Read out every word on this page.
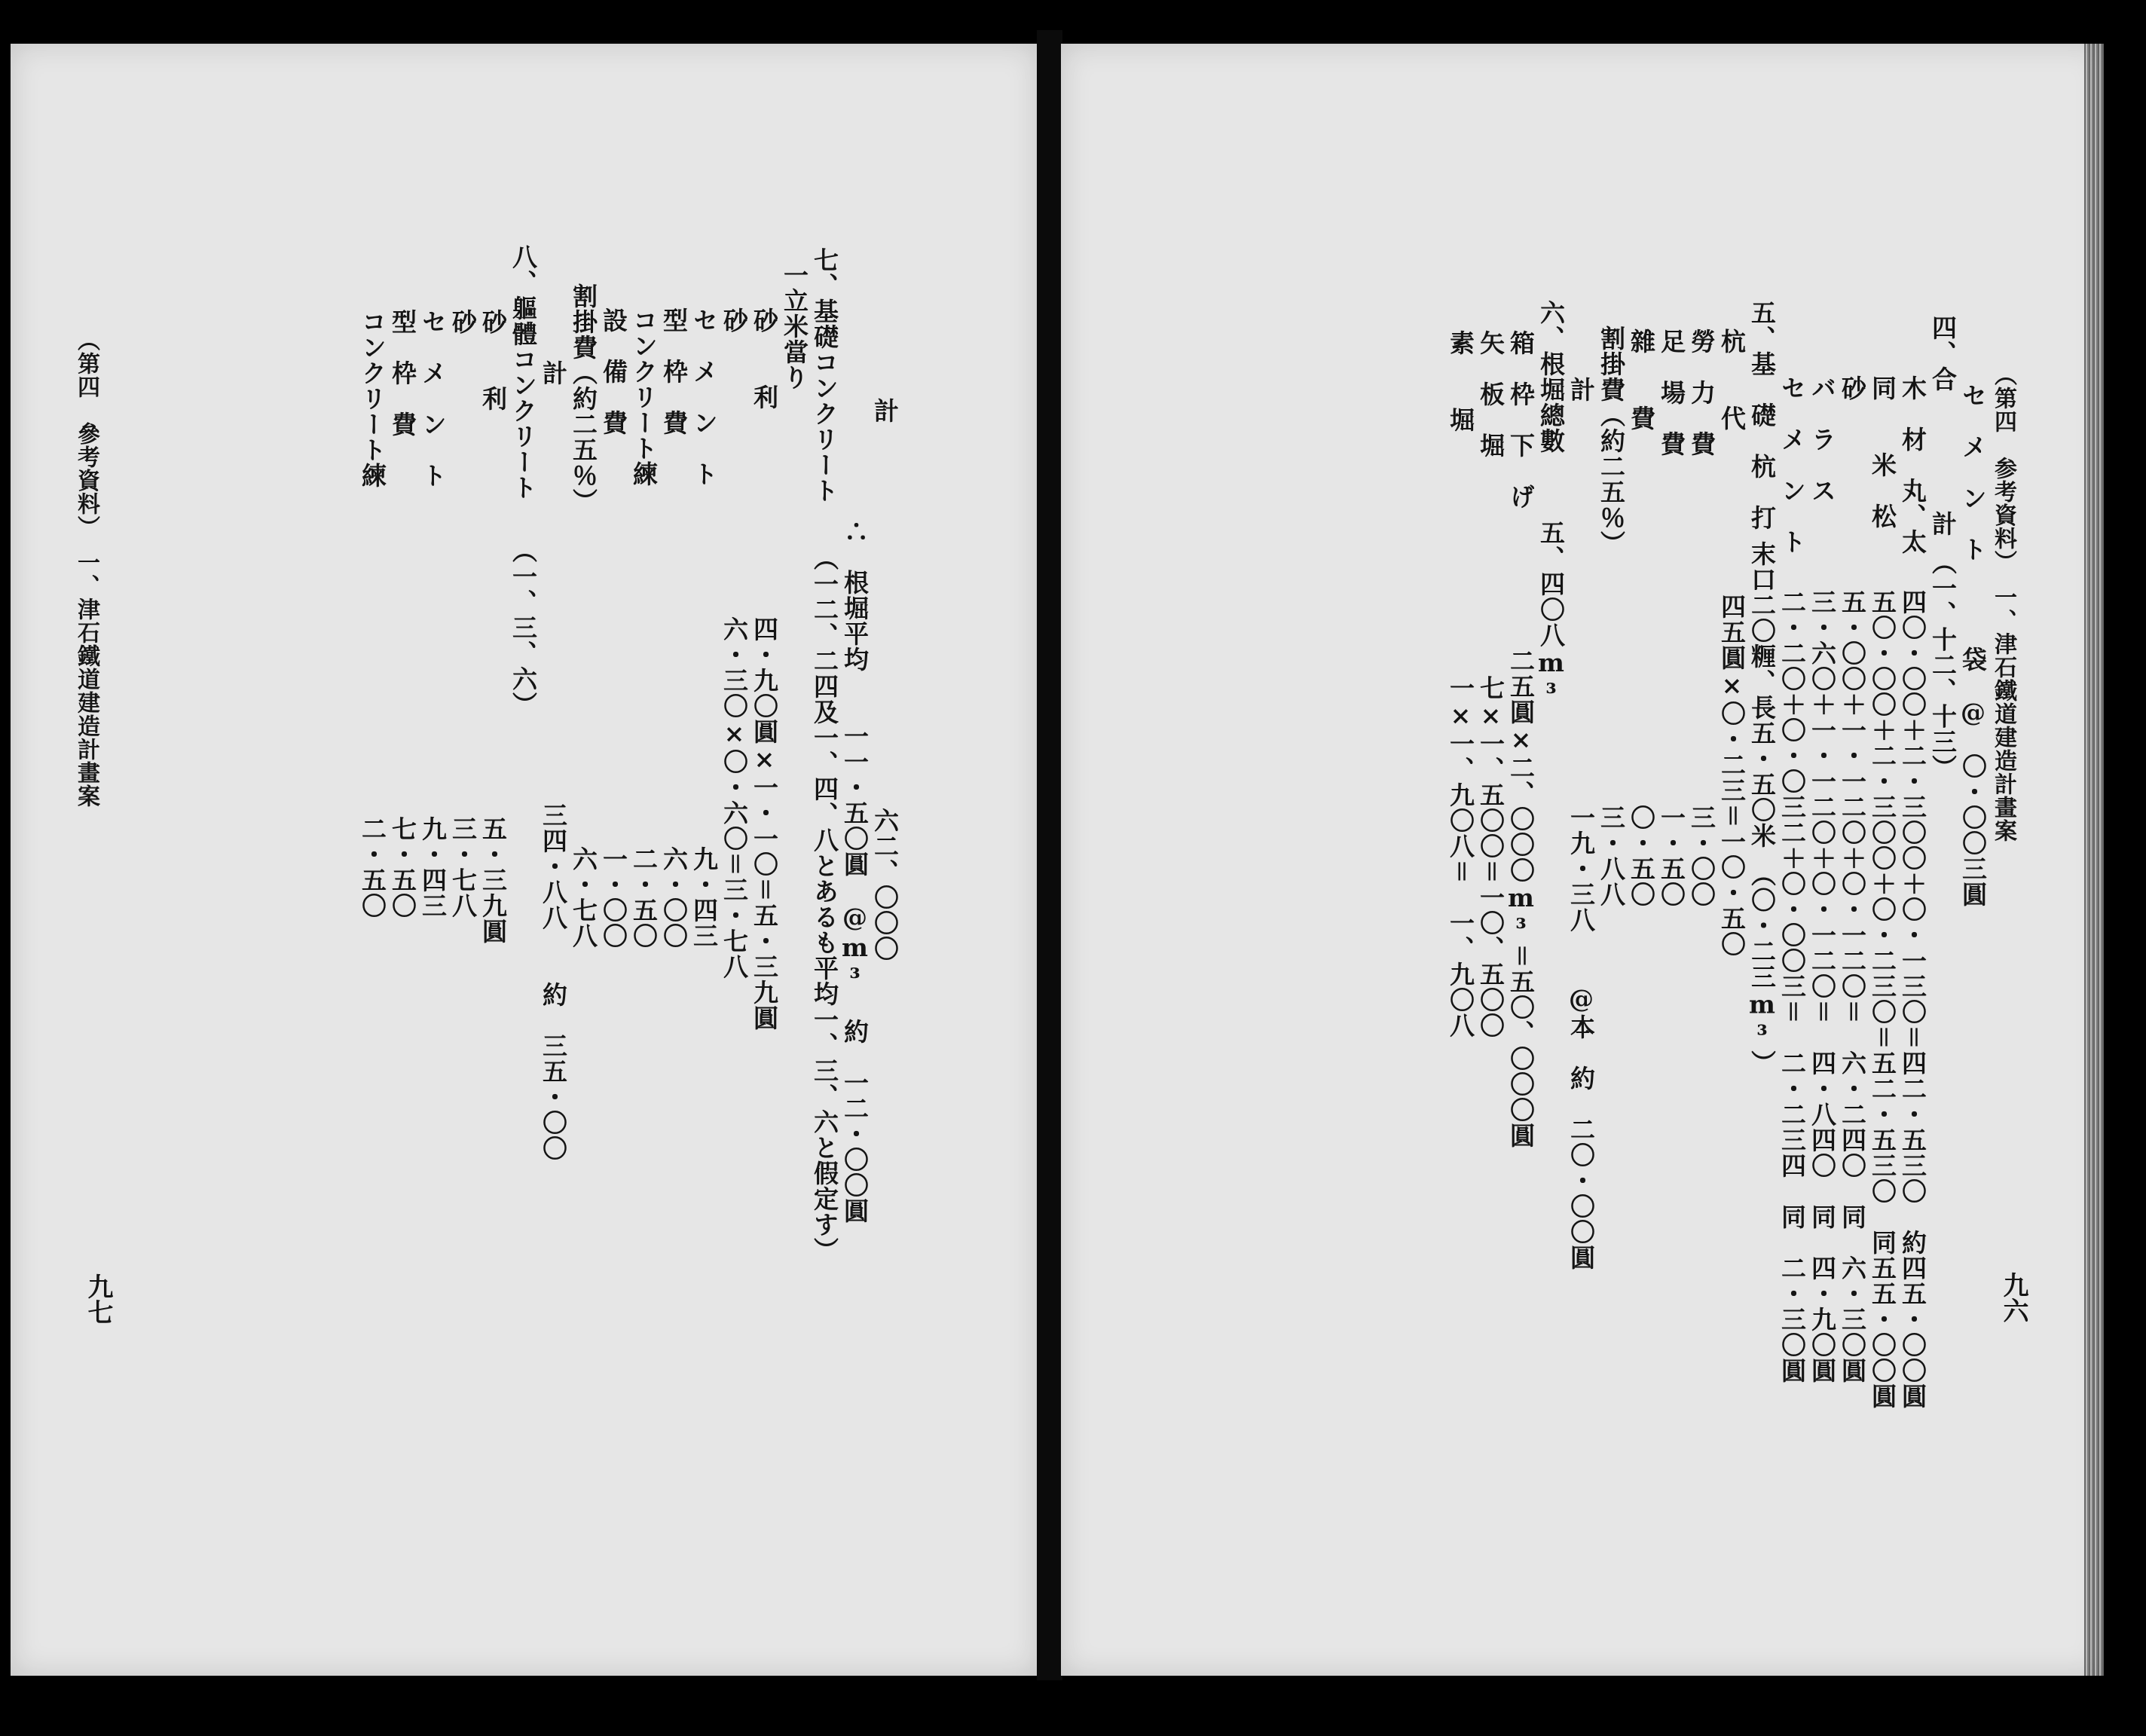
計　　　　　　　　　　　　　　　六二、〇〇〇
∴　根堀平均　　一一・五〇圓　@m³　約　一二・〇〇圓
七、基礎コンクリート
（一二、二四及一、四、八とあるも平均一、三、六と假定す）
一立米當り
砂　　利
四・九〇圓×一・一〇＝五・三九圓
砂
六・三〇×〇・六〇＝三・七八
セ　メ　ン　ト
九・四三
型　枠　費
六・〇〇
コンクリート練
二・五〇
設　備　費
一・〇〇
割掛費（約二五％）
六・七八
計
三四・八八　　約　三五・〇〇
八、軀體コンクリート
（一、三、六）
砂　　利
五・三九圓
砂
三・七八
セ　メ　ン　ト
九・四三
型　枠　費
七・五〇
コンクリート練
二・五〇
（第四　參考資料）　一、津石鐵道建造計畫案
九七
セ　メ　ン　ト
袋　@　〇・〇〇三圓
四、合
計　（一、十二、十三）
木　材　丸、太
四〇・〇〇＋二・三〇〇＋〇・一三〇＝四二・五三〇　約四五・〇〇圓
同　　米　松
五〇・〇〇＋二・三〇〇＋〇・二三〇＝五二・五三〇　同五五・〇〇圓
砂
五・〇〇＋一・一二〇＋〇・一二〇＝　六・二四〇　同　六・三〇圓
バ　ラ　ス
三・六〇＋一・一二〇＋〇・一二〇＝　四・八四〇　同　四・九〇圓
セ　メ　ン　ト
二・二〇＋〇・〇三二＋〇・〇〇三＝　二・二三四　同　二・三〇圓
五、基　礎　杭　打
末口二〇糎、長五・五〇米　（〇・二三m³）
杭　　代
四五圓×〇・二三＝一〇・五〇
勞　力　費
三・〇〇
足　場　費
一・五〇
雜　　費
〇・五〇
割掛費（約二五％）
三・八八
計
一九・三八　　@本　約　二〇・〇〇圓
六、根堀總數
五、四〇八m³
箱　枠　下　げ
二五圓×二、〇〇〇m³＝五〇、〇〇〇圓
矢　板　堀
七×一、五〇〇＝一〇、五〇〇
素　　堀
一×一、九〇八＝　一、九〇八
（第四　参考資料）　一、津石鐵道建造計畫案
九六
